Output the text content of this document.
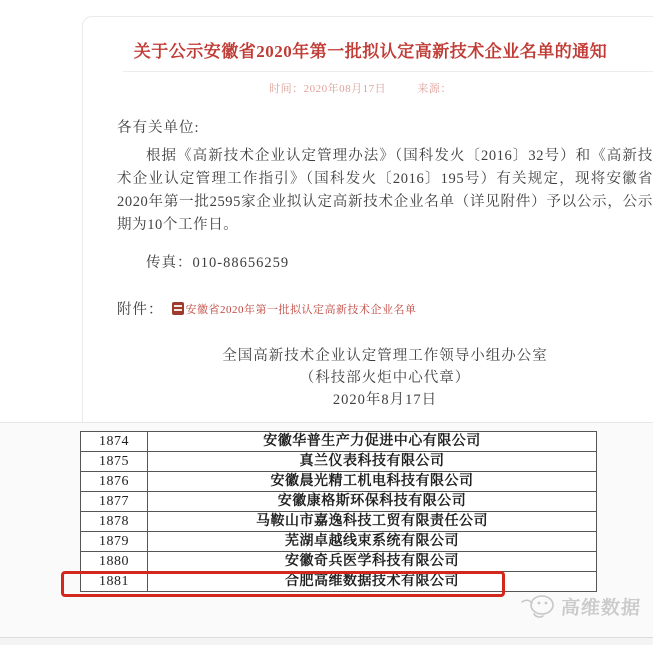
关于公示安徽省2020年第一批拟认定高新技术企业名单的通知
时间：2020年08月17日	来源：
各有关单位:
根据《高新技术企业认定管理办法》（国科发火〔2016〕32号）和《高新技术企业认定管理工作指引》（国科发火〔2016〕195号）有关规定，现将安徽省2020年第一批2595家企业拟认定高新技术企业名单（详见附件）予以公示，公示期为10个工作日。
传真：010-88656259
附件： 安徽省2020年第一批拟认定高新技术企业名单
全国高新技术企业认定管理工作领导小组办公室
（科技部火炬中心代章）
2020年8月17日
1874	安徽华普生产力促进中心有限公司
1875	真兰仪表科技有限公司
1876	安徽晨光精工机电科技有限公司
1877	安徽康格斯环保科技有限公司
1878	马鞍山市嘉逸科技工贸有限责任公司
1879	芜湖卓越线束系统有限公司
1880	安徽奇兵医学科技有限公司
1881	合肥高维数据技术有限公司
高维数据
